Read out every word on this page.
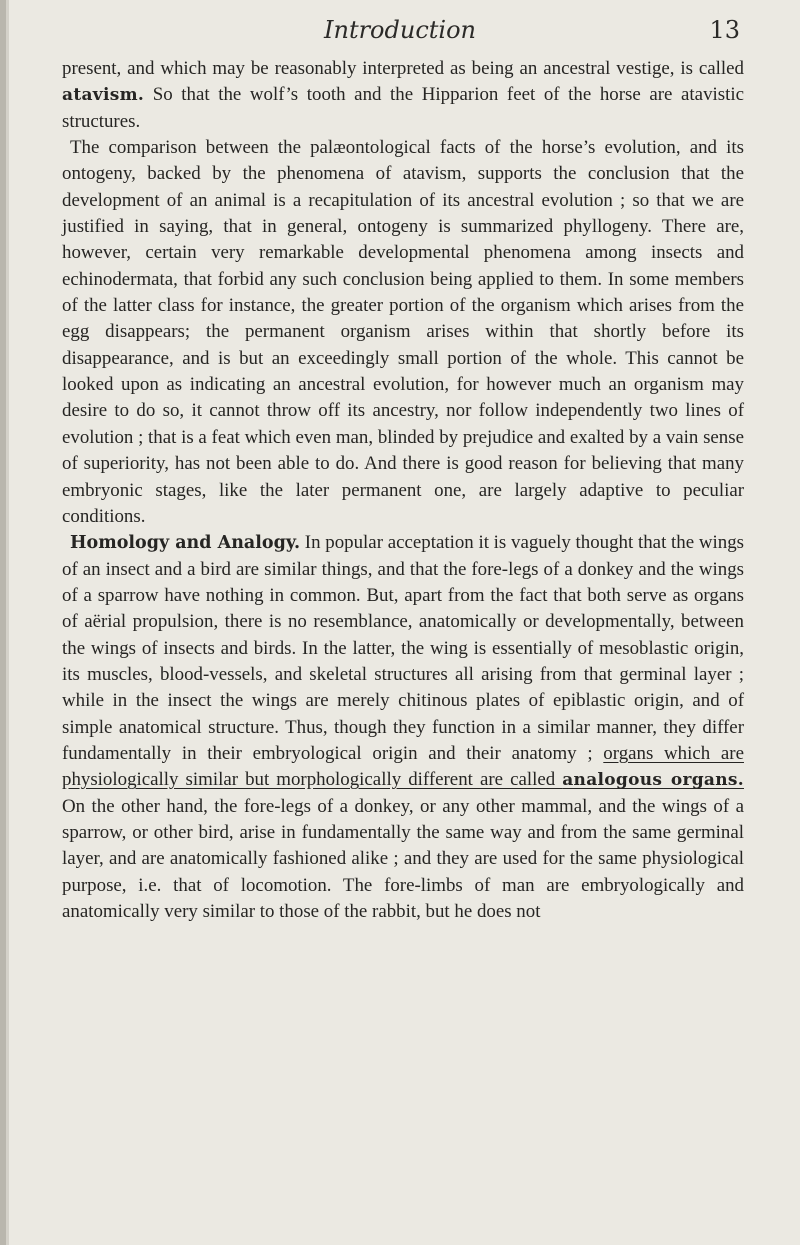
Introduction	13

present, and which may be reasonably interpreted as being an ancestral vestige, is called atavism. So that the wolf’s tooth and the Hipparion feet of the horse are atavistic structures.

The comparison between the palæontological facts of the horse’s evolution, and its ontogeny, backed by the phenomena of atavism, supports the conclusion that the development of an animal is a recapitulation of its ancestral evolution ; so that we are justified in saying, that in general, ontogeny is summarized phyllogeny. There are, however, certain very remarkable developmental phenomena among insects and echinodermata, that forbid any such conclusion being applied to them. In some members of the latter class for instance, the greater portion of the organism which arises from the egg disappears; the permanent organism arises within that shortly before its disappearance, and is but an exceedingly small portion of the whole. This cannot be looked upon as indicating an ancestral evolution, for however much an organism may desire to do so, it cannot throw off its ancestry, nor follow independently two lines of evolution ; that is a feat which even man, blinded by prejudice and exalted by a vain sense of superiority, has not been able to do. And there is good reason for believing that many embryonic stages, like the later permanent one, are largely adaptive to peculiar conditions.

Homology and Analogy. In popular acceptation it is vaguely thought that the wings of an insect and a bird are similar things, and that the fore-legs of a donkey and the wings of a sparrow have nothing in common. But, apart from the fact that both serve as organs of aërial propulsion, there is no resemblance, anatomically or developmentally, between the wings of insects and birds. In the latter, the wing is essentially of mesoblastic origin, its muscles, blood-vessels, and skeletal structures all arising from that germinal layer ; while in the insect the wings are merely chitinous plates of epiblastic origin, and of simple anatomical structure. Thus, though they function in a similar manner, they differ fundamentally in their embryological origin and their anatomy ; organs which are physiologically similar but morphologically different are called analogous organs. On the other hand, the fore-legs of a donkey, or any other mammal, and the wings of a sparrow, or other bird, arise in fundamentally the same way and from the same germinal layer, and are anatomically fashioned alike ; and they are used for the same physiological purpose, i.e. that of locomotion. The fore-limbs of man are embryologically and anatomically very similar to those of the rabbit, but he does not
